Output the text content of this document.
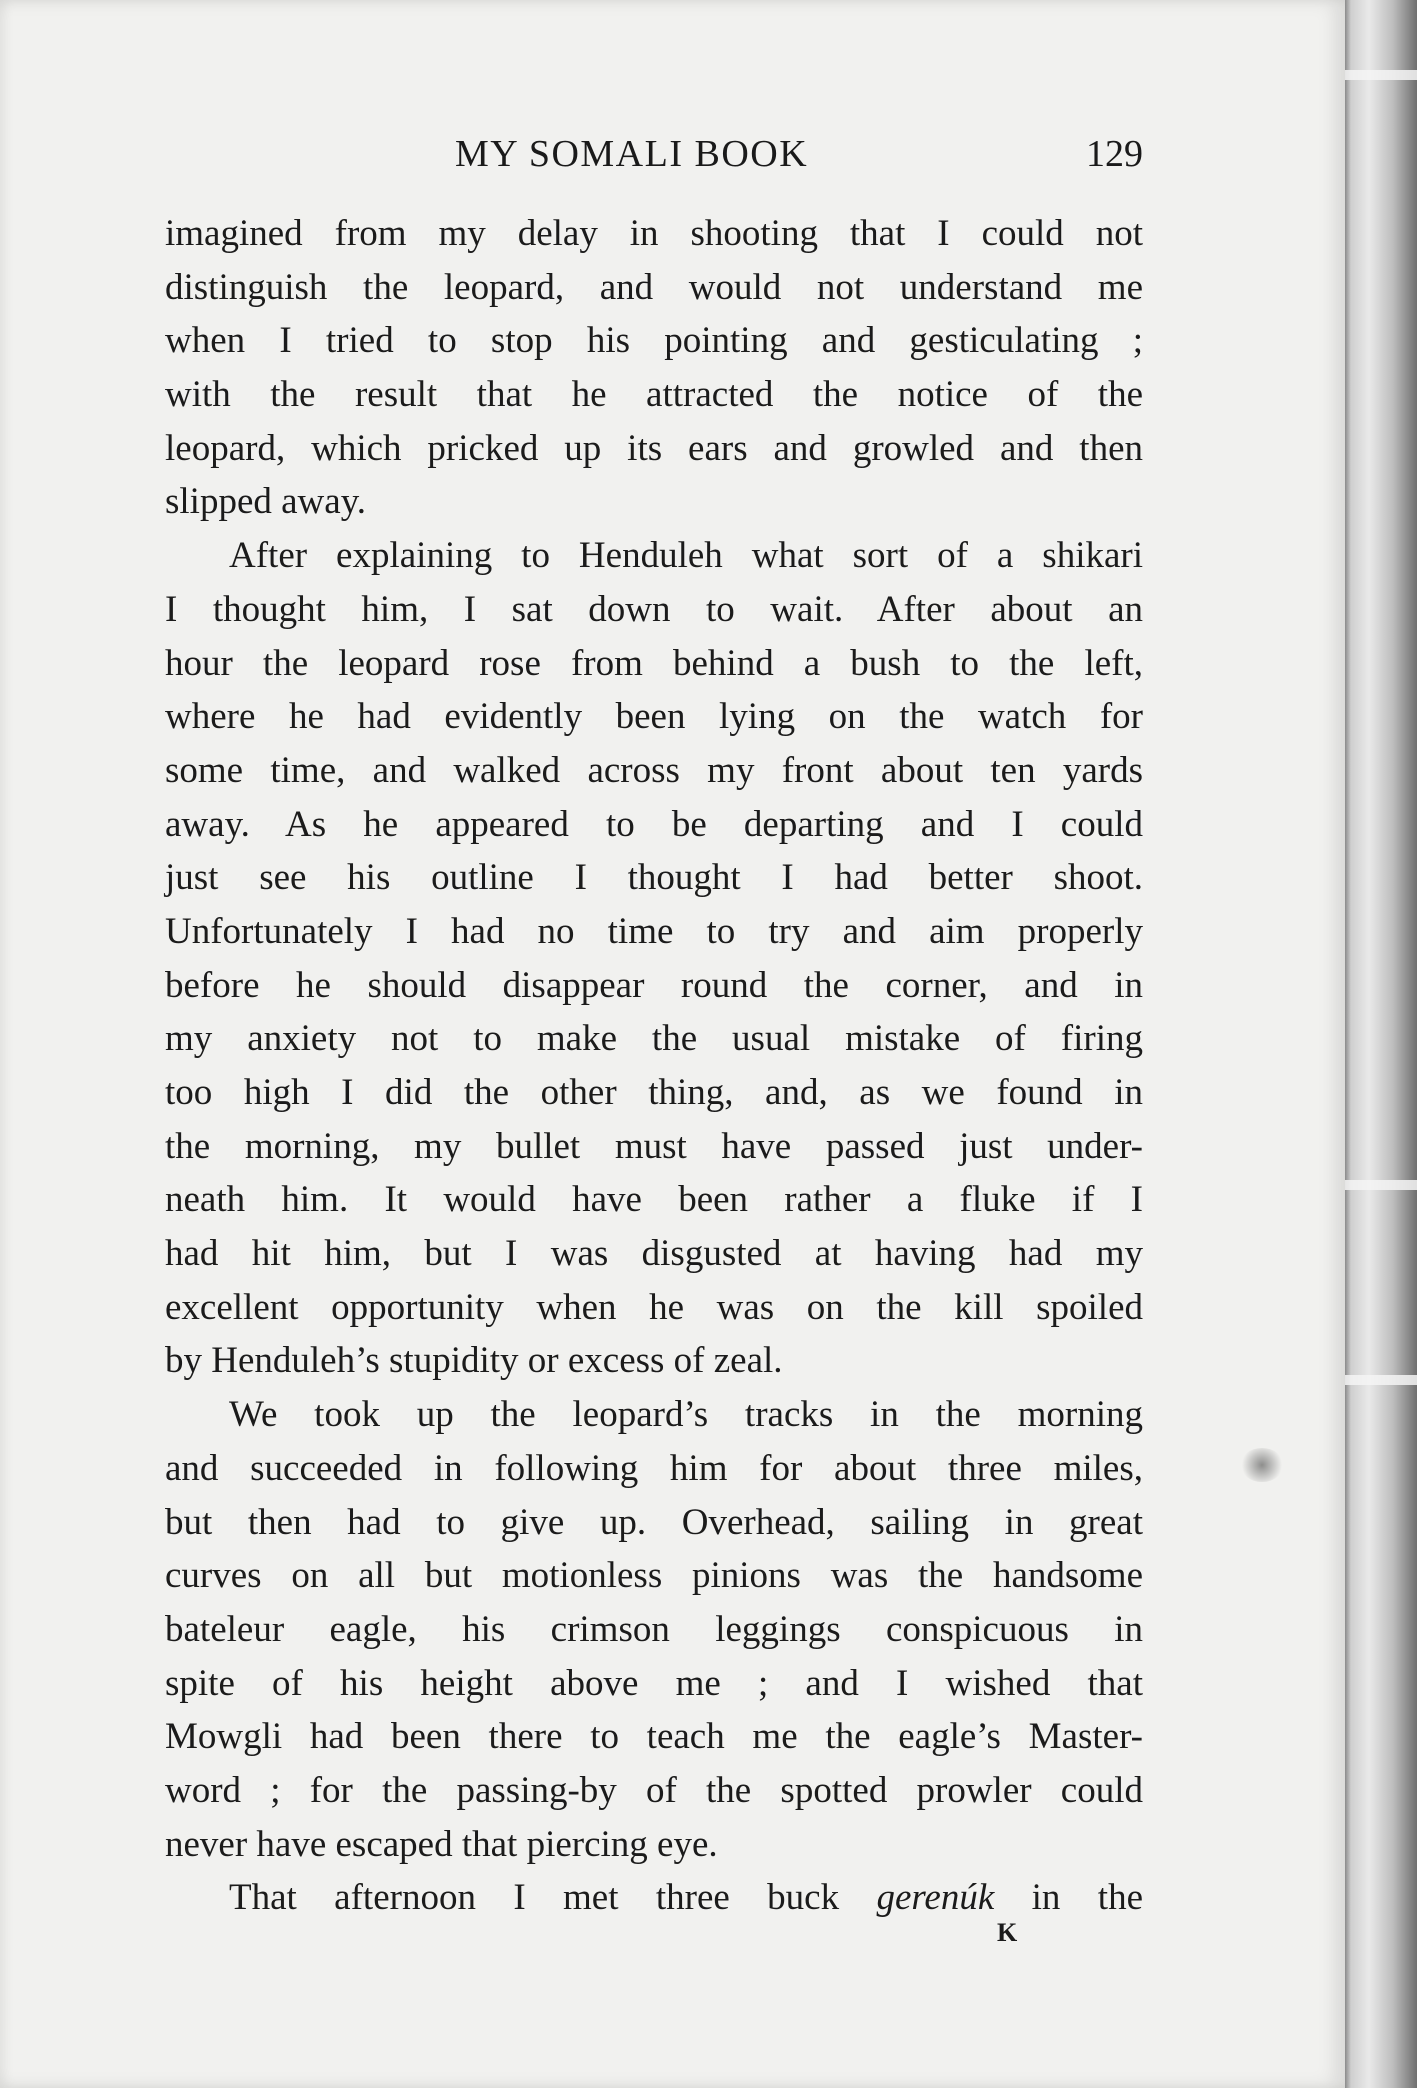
MY SOMALI BOOK	129
imagined from my delay in shooting that I could not
distinguish the leopard, and would not understand me
when I tried to stop his pointing and gesticulating ;
with the result that he attracted the notice of the
leopard, which pricked up its ears and growled and then
slipped away.
After explaining to Henduleh what sort of a shikari
I thought him, I sat down to wait. After about an
hour the leopard rose from behind a bush to the left,
where he had evidently been lying on the watch for
some time, and walked across my front about ten yards
away. As he appeared to be departing and I could
just see his outline I thought I had better shoot.
Unfortunately I had no time to try and aim properly
before he should disappear round the corner, and in
my anxiety not to make the usual mistake of firing
too high I did the other thing, and, as we found in
the morning, my bullet must have passed just under-
neath him. It would have been rather a fluke if I
had hit him, but I was disgusted at having had my
excellent opportunity when he was on the kill spoiled
by Henduleh’s stupidity or excess of zeal.
We took up the leopard’s tracks in the morning
and succeeded in following him for about three miles,
but then had to give up. Overhead, sailing in great
curves on all but motionless pinions was the handsome
bateleur eagle, his crimson leggings conspicuous in
spite of his height above me ; and I wished that
Mowgli had been there to teach me the eagle’s Master-
word ; for the passing-by of the spotted prowler could
never have escaped that piercing eye.
That afternoon I met three buck gerenúk in the
K
